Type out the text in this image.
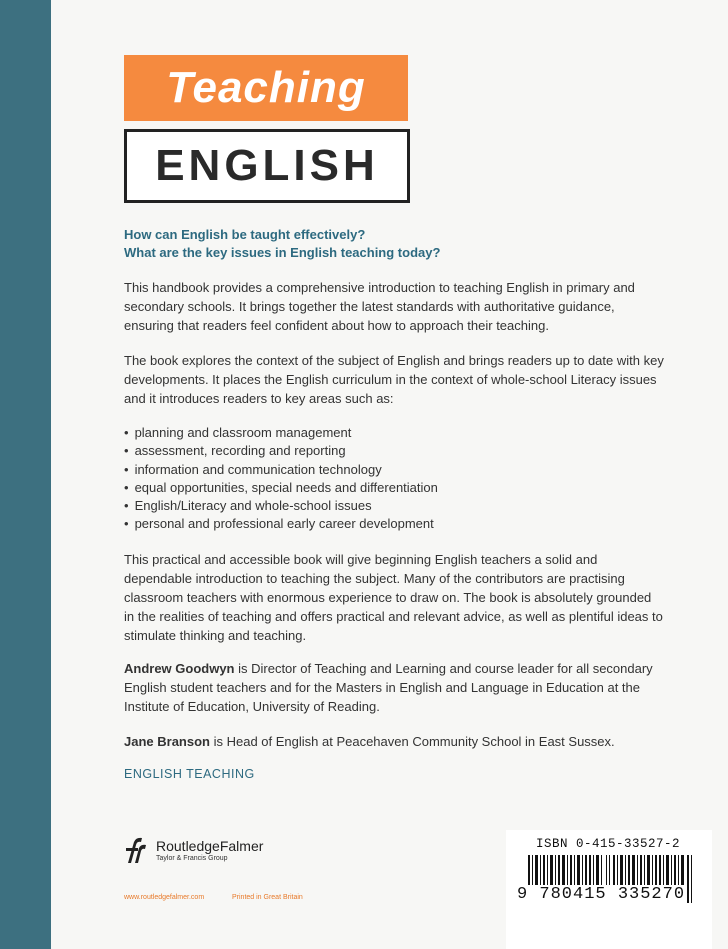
Teaching
ENGLISH
How can English be taught effectively?
What are the key issues in English teaching today?

This handbook provides a comprehensive introduction to teaching English in primary and secondary schools. It brings together the latest standards with authoritative guidance, ensuring that readers feel confident about how to approach their teaching.

The book explores the context of the subject of English and brings readers up to date with key developments. It places the English curriculum in the context of whole-school Literacy issues and it introduces readers to key areas such as:

• planning and classroom management
• assessment, recording and reporting
• information and communication technology
• equal opportunities, special needs and differentiation
• English/Literacy and whole-school issues
• personal and professional early career development

This practical and accessible book will give beginning English teachers a solid and dependable introduction to teaching the subject. Many of the contributors are practising classroom teachers with enormous experience to draw on. The book is absolutely grounded in the realities of teaching and offers practical and relevant advice, as well as plentiful ideas to stimulate thinking and teaching.

Andrew Goodwyn is Director of Teaching and Learning and course leader for all secondary English student teachers and for the Masters in English and Language in Education at the Institute of Education, University of Reading.

Jane Branson is Head of English at Peacehaven Community School in East Sussex.

ENGLISH TEACHING
RoutledgeFalmer
Taylor & Francis Group
www.routledgefalmer.com	Printed in Great Britain
ISBN 0-415-33527-2
9 780415 335270
